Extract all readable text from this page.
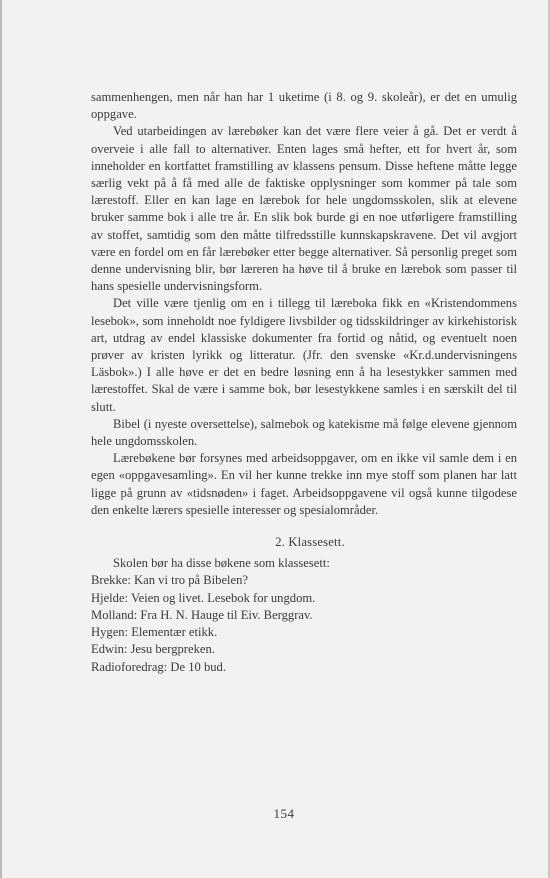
sammenhengen, men når han har 1 uketime (i 8. og 9. skoleår), er det en umulig oppgave.

Ved utarbeidingen av lærebøker kan det være flere veier å gå. Det er verdt å overveie i alle fall to alternativer. Enten lages små hefter, ett for hvert år, som inneholder en kortfattet framstilling av klassens pensum. Disse heftene måtte legge særlig vekt på å få med alle de faktiske opplysninger som kommer på tale som lærestoff. Eller en kan lage en lærebok for hele ungdomsskolen, slik at elevene bruker samme bok i alle tre år. En slik bok burde gi en noe utførligere framstilling av stoffet, samtidig som den måtte tilfredsstille kunnskapskravene. Det vil avgjort være en fordel om en får lærebøker etter begge alternativer. Så personlig preget som denne undervisning blir, bør læreren ha høve til å bruke en lærebok som passer til hans spesielle undervisningsform.

Det ville være tjenlig om en i tillegg til læreboka fikk en «Kristendommens lesebok», som inneholdt noe fyldigere livsbilder og tidsskildringer av kirkehistorisk art, utdrag av endel klassiske dokumenter fra fortid og nåtid, og eventuelt noen prøver av kristen lyrikk og litteratur. (Jfr. den svenske «Kr.d.undervisningens Läsbok».) I alle høve er det en bedre løsning enn å ha lesestykker sammen med lærestoffet. Skal de være i samme bok, bør lesestykkene samles i en særskilt del til slutt.

Bibel (i nyeste oversettelse), salmebok og katekisme må følge elevene gjennom hele ungdomsskolen.

Lærebøkene bør forsynes med arbeidsoppgaver, om en ikke vil samle dem i en egen «oppgavesamling». En vil her kunne trekke inn mye stoff som planen har latt ligge på grunn av «tidsnøden» i faget. Arbeidsoppgavene vil også kunne tilgodese den enkelte lærers spesielle interesser og spesialområder.

2. Klassesett.

Skolen bør ha disse bøkene som klassesett:

Brekke: Kan vi tro på Bibelen?
Hjelde: Veien og livet. Lesebok for ungdom.
Molland: Fra H. N. Hauge til Eiv. Berggrav.
Hygen: Elementær etikk.
Edwin: Jesu bergpreken.
Radioforedrag: De 10 bud.
154
